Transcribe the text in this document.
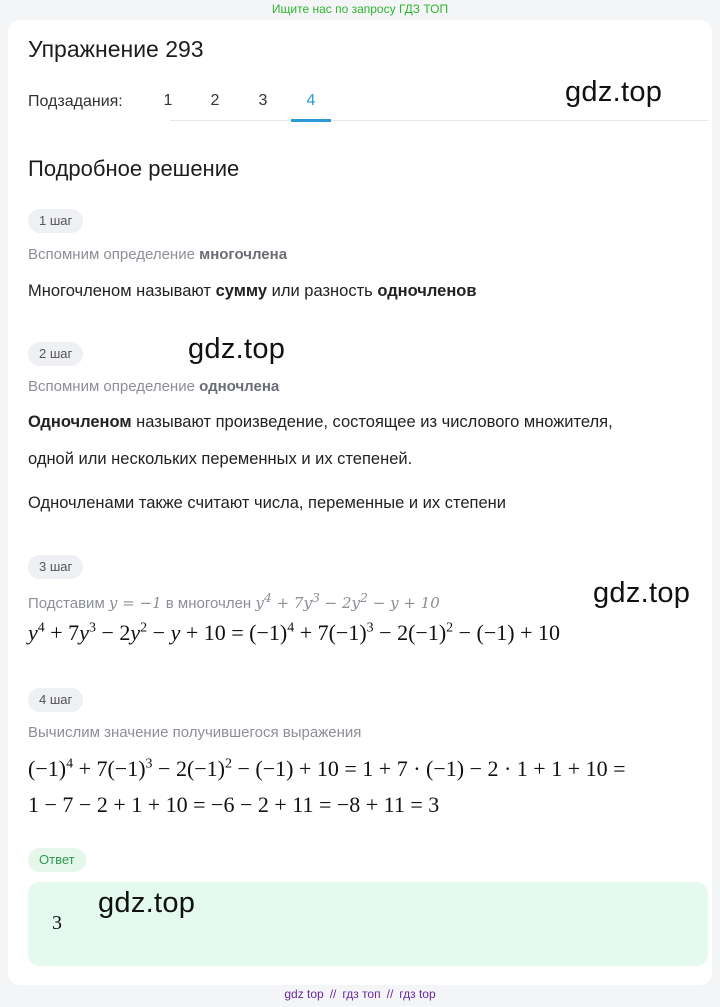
Ищите нас по запросу ГДЗ ТОП
Упражнение 293
Подзадания:	1	2	3	4	gdz.top
Подробное решение
1 шаг
Вспомним определение многочлена
Многочленом называют сумму или разность одночленов
2 шаг	gdz.top
Вспомним определение одночлена
Одночленом называют произведение, состоящее из числового множителя,
одной или нескольких переменных и их степеней.
Одночленами также считают числа, переменные и их степени
3 шаг
gdz.top
Подставим y = −1 в многочлен $y^4 + 7y^3 - 2y^2 - y + 10$
$y^4 + 7y^3 - 2y^2 - y + 10 = (-1)^4 + 7(-1)^3 - 2(-1)^2 - (-1) + 10$
4 шаг
Вычислим значение получившегося выражения
$(-1)^4 + 7(-1)^3 - 2(-1)^2 - (-1) + 10 = 1 + 7 \cdot (-1) - 2 \cdot 1 + 1 + 10$ =
1 − 7 − 2 + 1 + 10 = −6 − 2 + 11 = −8 + 11 = 3
Ответ
3
gdz.top
gdz top // гдз топ // гдз top
